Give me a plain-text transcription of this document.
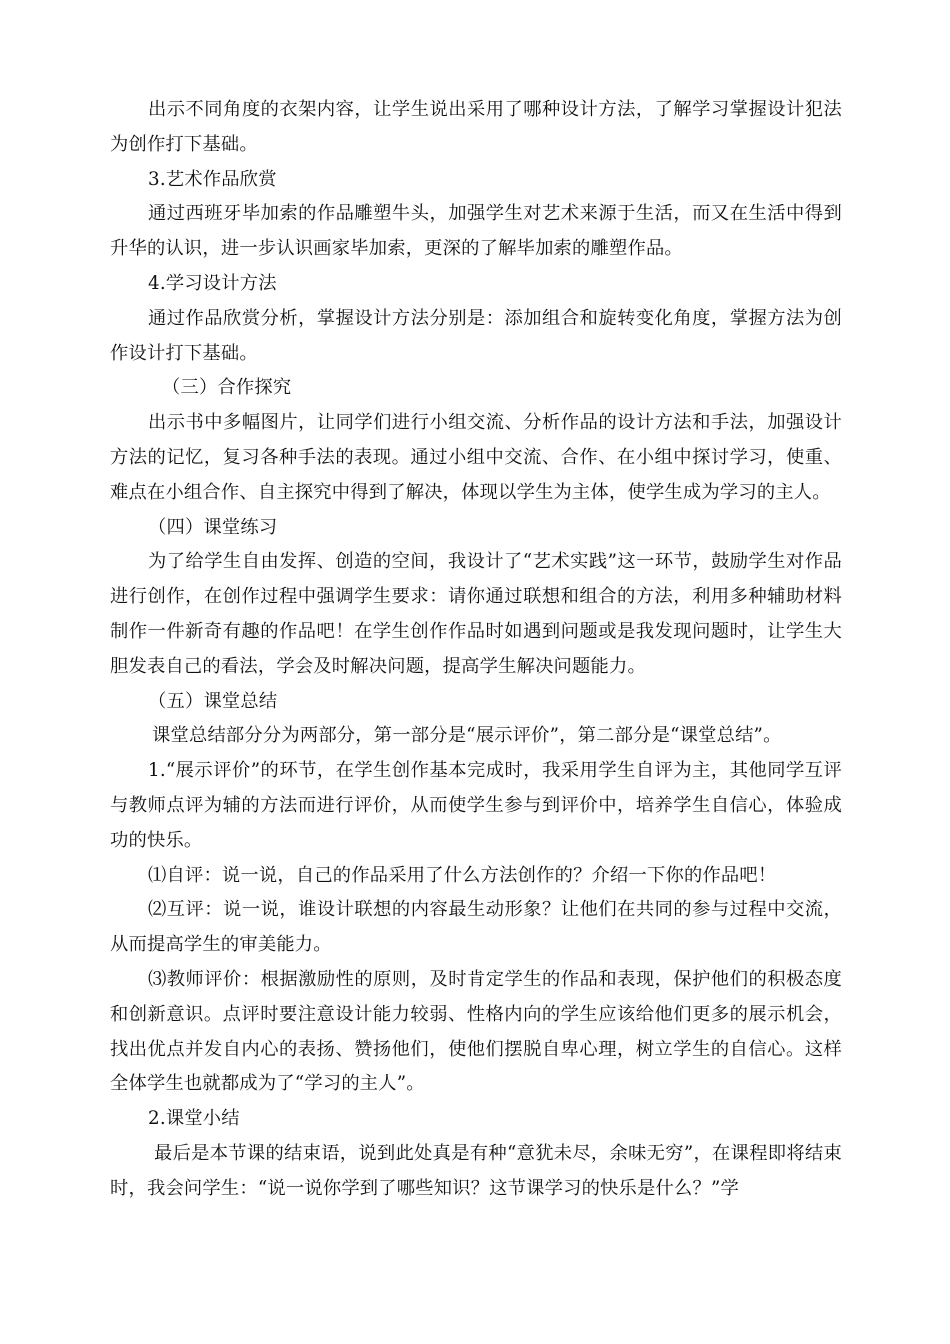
出示不同角度的衣架内容，让学生说出采用了哪种设计方法，了解学习掌握设计犯法为创作打下基础。

3.艺术作品欣赏

通过西班牙毕加索的作品雕塑牛头，加强学生对艺术来源于生活，而又在生活中得到升华的认识，进一步认识画家毕加索，更深的了解毕加索的雕塑作品。

4.学习设计方法

通过作品欣赏分析，掌握设计方法分别是：添加组合和旋转变化角度，掌握方法为创作设计打下基础。

（三）合作探究

出示书中多幅图片，让同学们进行小组交流、分析作品的设计方法和手法，加强设计方法的记忆，复习各种手法的表现。通过小组中交流、合作、在小组中探讨学习，使重、难点在小组合作、自主探究中得到了解决，体现以学生为主体，使学生成为学习的主人。

（四）课堂练习

为了给学生自由发挥、创造的空间，我设计了“艺术实践”这一环节，鼓励学生对作品进行创作，在创作过程中强调学生要求：请你通过联想和组合的方法，利用多种辅助材料制作一件新奇有趣的作品吧！在学生创作作品时如遇到问题或是我发现问题时，让学生大胆发表自己的看法，学会及时解决问题，提高学生解决问题能力。

（五）课堂总结

课堂总结部分分为两部分，第一部分是“展示评价”，第二部分是“课堂总结”。

1.“展示评价”的环节，在学生创作基本完成时，我采用学生自评为主，其他同学互评与教师点评为辅的方法而进行评价，从而使学生参与到评价中，培养学生自信心，体验成功的快乐。

⑴自评：说一说，自己的作品采用了什么方法创作的？介绍一下你的作品吧！

⑵互评：说一说，谁设计联想的内容最生动形象？让他们在共同的参与过程中交流，从而提高学生的审美能力。

⑶教师评价：根据激励性的原则，及时肯定学生的作品和表现，保护他们的积极态度和创新意识。点评时要注意设计能力较弱、性格内向的学生应该给他们更多的展示机会，找出优点并发自内心的表扬、赞扬他们，使他们摆脱自卑心理，树立学生的自信心。这样全体学生也就都成为了“学习的主人”。

2.课堂小结

最后是本节课的结束语，说到此处真是有种“意犹未尽，余味无穷”，在课程即将结束时，我会问学生：“说一说你学到了哪些知识？这节课学习的快乐是什么？”学
